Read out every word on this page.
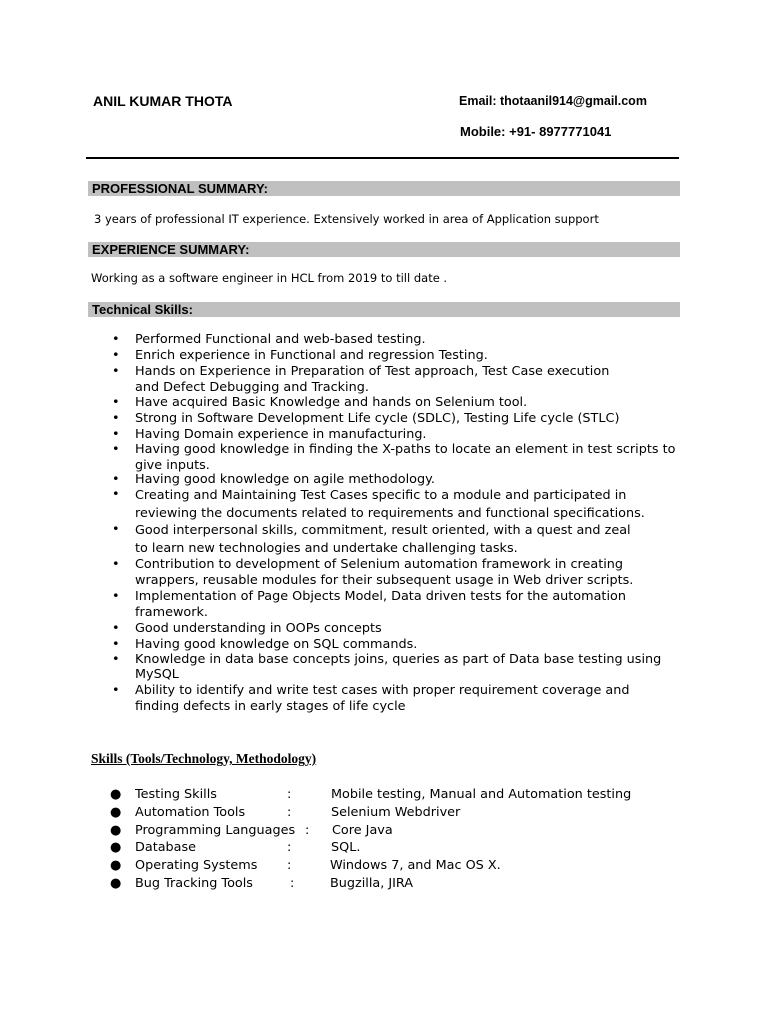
ANIL KUMAR THOTA	Email: thotaanil914@gmail.com
Mobile: +91- 8977771041
PROFESSIONAL SUMMARY:
3 years of professional IT experience. Extensively worked in area of Application support
EXPERIENCE SUMMARY:
Working as a software engineer in HCL from 2019 to till date .
Technical Skills:
• Performed Functional and web-based testing.
• Enrich experience in Functional and regression Testing.
• Hands on Experience in Preparation of Test approach, Test Case execution
and Defect Debugging and Tracking.
• Have acquired Basic Knowledge and hands on Selenium tool.
• Strong in Software Development Life cycle (SDLC), Testing Life cycle (STLC)
• Having Domain experience in manufacturing.
• Having good knowledge in finding the X-paths to locate an element in test scripts to
give inputs.
• Having good knowledge on agile methodology.
• Creating and Maintaining Test Cases specific to a module and participated in
reviewing the documents related to requirements and functional specifications.
• Good interpersonal skills, commitment, result oriented, with a quest and zeal
to learn new technologies and undertake challenging tasks.
• Contribution to development of Selenium automation framework in creating
wrappers, reusable modules for their subsequent usage in Web driver scripts.
• Implementation of Page Objects Model, Data driven tests for the automation
framework.
• Good understanding in OOPs concepts
• Having good knowledge on SQL commands.
• Knowledge in data base concepts joins, queries as part of Data base testing using
MySQL
• Ability to identify and write test cases with proper requirement coverage and
finding defects in early stages of life cycle
Skills (Tools/Technology, Methodology)
● Testing Skills	:	Mobile testing, Manual and Automation testing
● Automation Tools	:	Selenium Webdriver
● Programming Languages : Core Java
● Database	:	SQL.
● Operating Systems :	Windows 7, and Mac OS X.
● Bug Tracking Tools	:	Bugzilla, JIRA
